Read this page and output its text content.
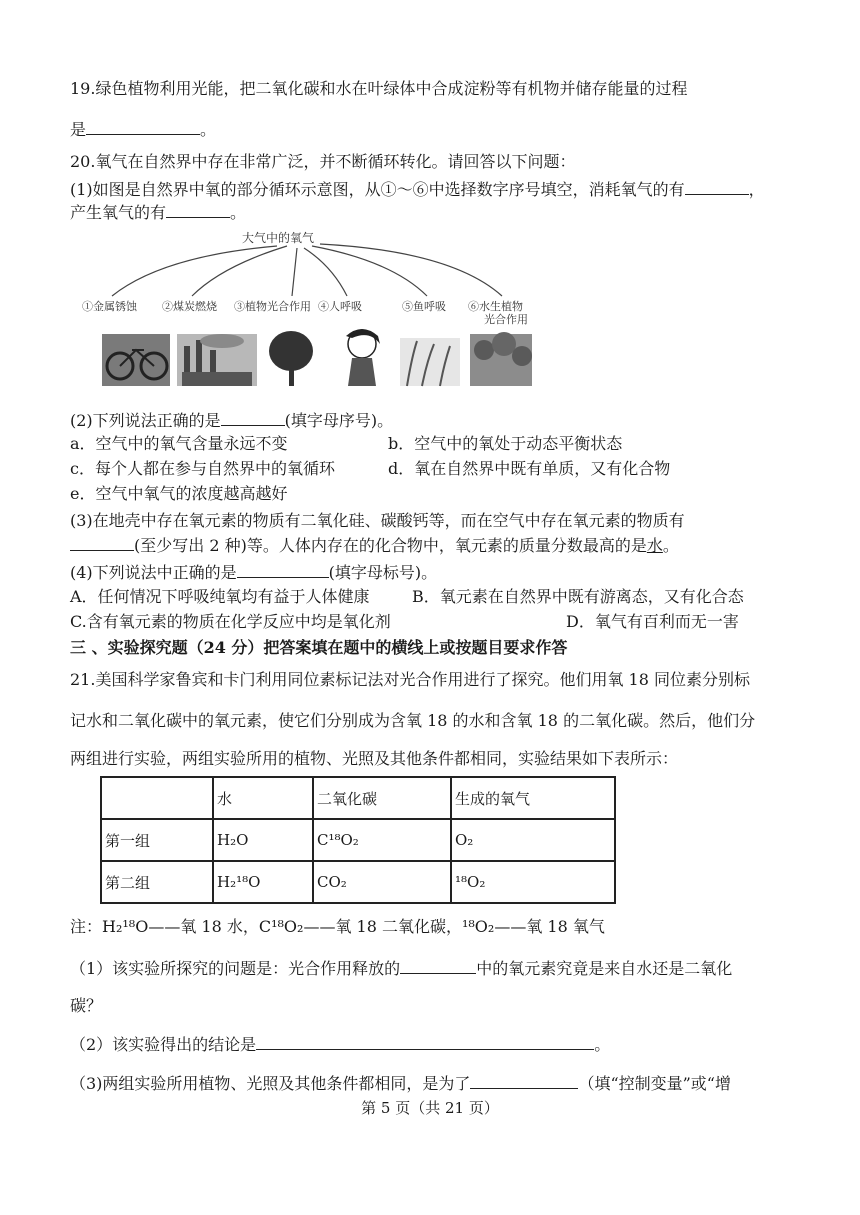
19.绿色植物利用光能，把二氧化碳和水在叶绿体中合成淀粉等有机物并储存能量的过程
是	。
20.氧气在自然界中存在非常广泛，并不断循环转化。请回答以下问题：
(1)如图是自然界中氧的部分循环示意图，从①～⑥中选择数字序号填空，消耗氧气的有	，
产生氧气的有	。
大气中的氧气
①金属锈蚀 ②煤炭燃烧 ③植物光合作用 ④人呼吸	⑤鱼呼吸 ⑥水生植物
光合作用
(2)下列说法正确的是	(填字母序号)。
a．空气中的氧气含量永远不变	b．空气中的氧处于动态平衡状态
c．每个人都在参与自然界中的氧循环	d．氧在自然界中既有单质，又有化合物
e．空气中氧气的浓度越高越好
(3)在地壳中存在氧元素的物质有二氧化硅、碳酸钙等，而在空气中存在氧元素的物质有
(至少写出 2 种)等。人体内存在的化合物中，氧元素的质量分数最高的是水。
(4)下列说法中正确的是	(填字母标号)。
A．任何情况下呼吸纯氧均有益于人体健康	B．氧元素在自然界中既有游离态，又有化合态
C.含有氧元素的物质在化学反应中均是氧化剂	D．氧气有百利而无一害
三 、实验探究题（24 分）把答案填在题中的横线上或按题目要求作答
21.美国科学家鲁宾和卡门利用同位素标记法对光合作用进行了探究。他们用氧 18 同位素分别标
记水和二氧化碳中的氧元素，使它们分别成为含氧 18 的水和含氧 18 的二氧化碳。然后，他们分
两组进行实验，两组实验所用的植物、光照及其他条件都相同，实验结果如下表所示：
	水	二氧化碳	生成的氧气
第一组	H₂O	C¹⁸O₂	O₂
第二组	H₂¹⁸O	CO₂	¹⁸O₂
注：H₂¹⁸O——氧 18 水，C¹⁸O₂——氧 18 二氧化碳，¹⁸O₂——氧 18 氧气
（1）该实验所探究的问题是：光合作用释放的	中的氧元素究竟是来自水还是二氧化
碳？
（2）该实验得出的结论是	。
（3)两组实验所用植物、光照及其他条件都相同，是为了	（填“控制变量”或“增
第 5 页（共 21 页）
